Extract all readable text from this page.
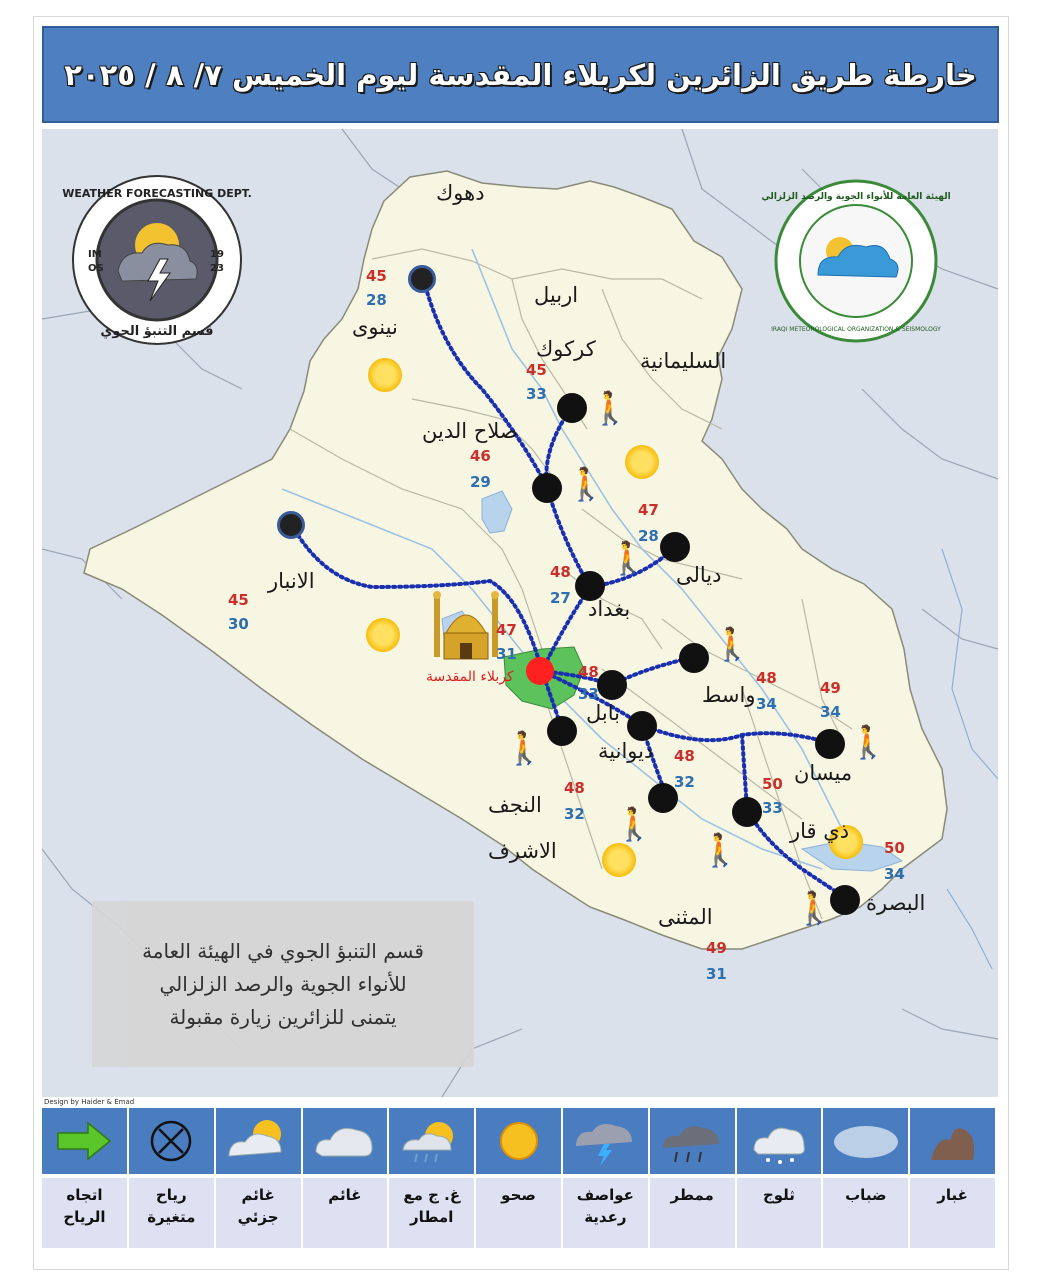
خارطة طريق الزائرين لكربلاء المقدسة ليوم الخميس ٧/ ٨ / ٢٠٢٥
🚶
🚶
🚶
🚶
🚶	🚶
🚶
🚶
🚶
دهوك
نينوى
اربيل
كركوك السليمانية
صلاح الدين
ديالى
الانبار
بغداد
كربلاء المقدسة
بابل
واسط
ميسان
ديوانية
النجف
الاشرف
ذي قار
البصرة
المثنى
45
28
45
33
46
29
47
28
48
27
45
30	47
31
48
33
48
34
49
34
48
32
48
32
50
33
50
34
49
31
IM
OS
19
23
WEATHER FORECASTING DEPT.
قسم التنبؤ الجوي
الهيئة العامة للأنواء الجوية والرصد الزلزالي
IRAQI METEOROLOGICAL ORGANIZATION & SEISMOLOGY
قسم التنبؤ الجوي في الهيئة العامة
للأنواء الجوية والرصد الزلزالي
يتمنى للزائرين زيارة مقبولة
Design by Haider & Emad
غبار
ضباب
ثلوج
ممطر
عواصف
رعدية
صحو
غ. ج مع
امطار
غائم
غائم
جزئي
رياح
متغيرة
اتجاه
الرياح
